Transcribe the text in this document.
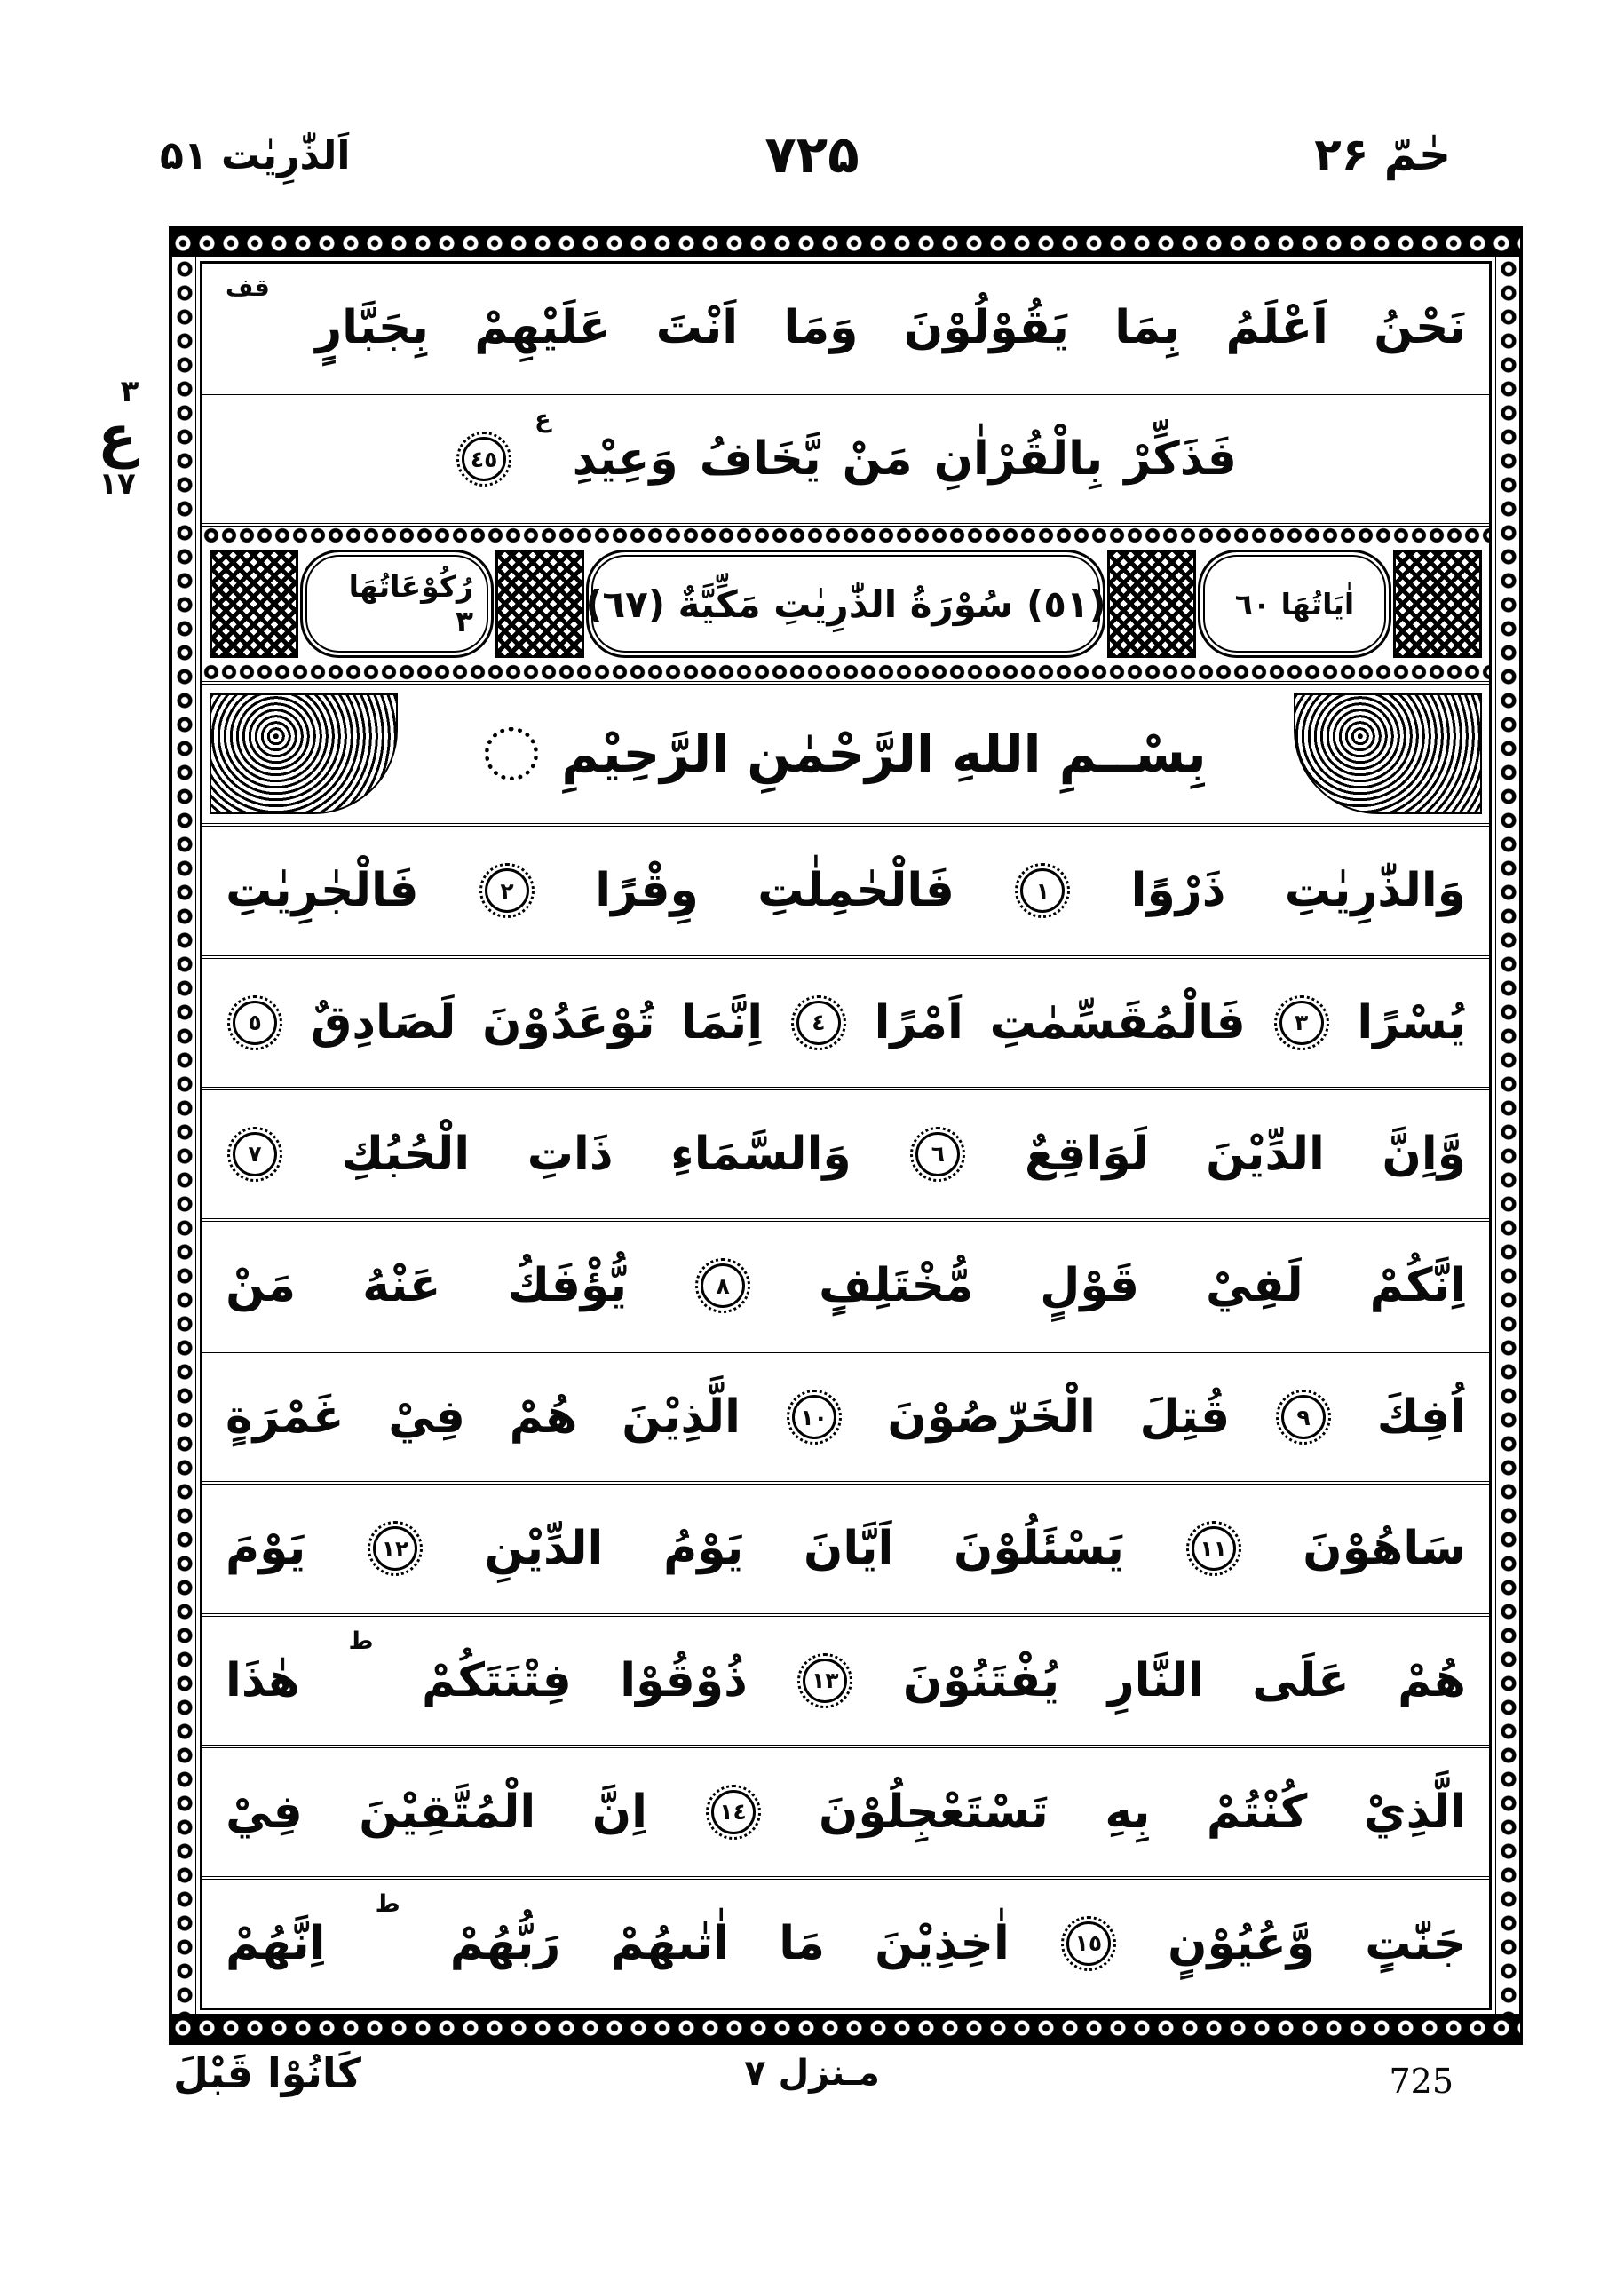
اَلذّٰرِيٰت ۵۱	۷۲۵	حٰمّ ۲۶
٣
ع
١٧
نَحْنُ
اَعْلَمُ
بِمَا
يَقُوْلُوْنَ
وَمَا
اَنْتَ
عَلَيْهِمْ
بِجَبَّارٍ
قف
فَذَكِّرْ
بِالْقُرْاٰنِ
مَنْ
يَّخَافُ
وَعِيْدِ
ع
٤٥
اٰيَاتُهَا ٦٠
(٥١) سُوْرَةُ الذّٰرِيٰتِ مَكِّيَّةٌ (٦٧)
رُكُوْعَاتُهَا ٣
بِسْــمِ اللهِ الرَّحْمٰنِ الرَّحِيْمِ
وَالذّٰرِيٰتِ
ذَرْوًا
١
فَالْحٰمِلٰتِ
وِقْرًا
٢
فَالْجٰرِيٰتِ
يُسْرًا
٣
فَالْمُقَسِّمٰتِ
اَمْرًا
٤
اِنَّمَا
تُوْعَدُوْنَ
لَصَادِقٌ
٥
وَّاِنَّ
الدِّيْنَ
لَوَاقِعٌ
٦
وَالسَّمَاءِ
ذَاتِ
الْحُبُكِ
٧
اِنَّكُمْ
لَفِيْ
قَوْلٍ
مُّخْتَلِفٍ
٨
يُّؤْفَكُ
عَنْهُ
مَنْ
اُفِكَ
٩
قُتِلَ
الْخَرّٰصُوْنَ
١٠
الَّذِيْنَ
هُمْ
فِيْ
غَمْرَةٍ
سَاهُوْنَ
١١
يَسْئَلُوْنَ
اَيَّانَ
يَوْمُ
الدِّيْنِ
١٢
يَوْمَ
هُمْ
عَلَى
النَّارِ
يُفْتَنُوْنَ
١٣
ذُوْقُوْا
فِتْنَتَكُمْ
ط
هٰذَا
الَّذِيْ
كُنْتُمْ
بِهِ
تَسْتَعْجِلُوْنَ
١٤
اِنَّ
الْمُتَّقِيْنَ
فِيْ
جَنّٰتٍ
وَّعُيُوْنٍ
١٥
اٰخِذِيْنَ
مَا
اٰتٰىهُمْ
رَبُّهُمْ
ط
اِنَّهُمْ
كَانُوْا قَبْلَ	مـنزل ٧	725
